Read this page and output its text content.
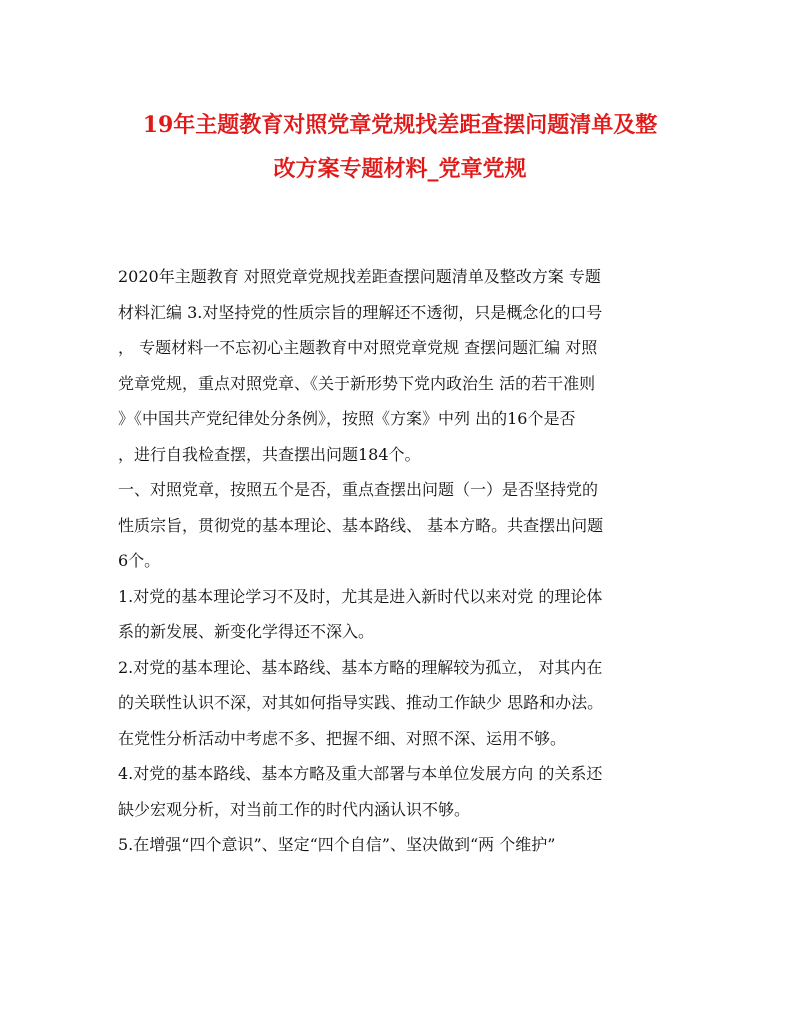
19年主题教育对照党章党规找差距查摆问题清单及整
改方案专题材料_党章党规
2020年主题教育 对照党章党规找差距查摆问题清单及整改方案 专题
材料汇编 3.对坚持党的性质宗旨的理解还不透彻，只是概念化的口号
， 专题材料一不忘初心主题教育中对照党章党规 查摆问题汇编 对照
党章党规，重点对照党章、《关于新形势下党内政治生 活的若干准则
》《中国共产党纪律处分条例》，按照《方案》中列 出的16个是否
，进行自我检查摆，共查摆出问题184个。
一、对照党章，按照五个是否，重点查摆出问题（一）是否坚持党的
性质宗旨，贯彻党的基本理论、基本路线、 基本方略。共查摆出问题
6个。
1.对党的基本理论学习不及时，尤其是进入新时代以来对党 的理论体
系的新发展、新变化学得还不深入。
2.对党的基本理论、基本路线、基本方略的理解较为孤立， 对其内在
的关联性认识不深，对其如何指导实践、推动工作缺少 思路和办法。
在党性分析活动中考虑不多、把握不细、对照不深、运用不够。
4.对党的基本路线、基本方略及重大部署与本单位发展方向 的关系还
缺少宏观分析，对当前工作的时代内涵认识不够。
5.在增强“四个意识”、坚定“四个自信”、坚决做到“两 个维护”
